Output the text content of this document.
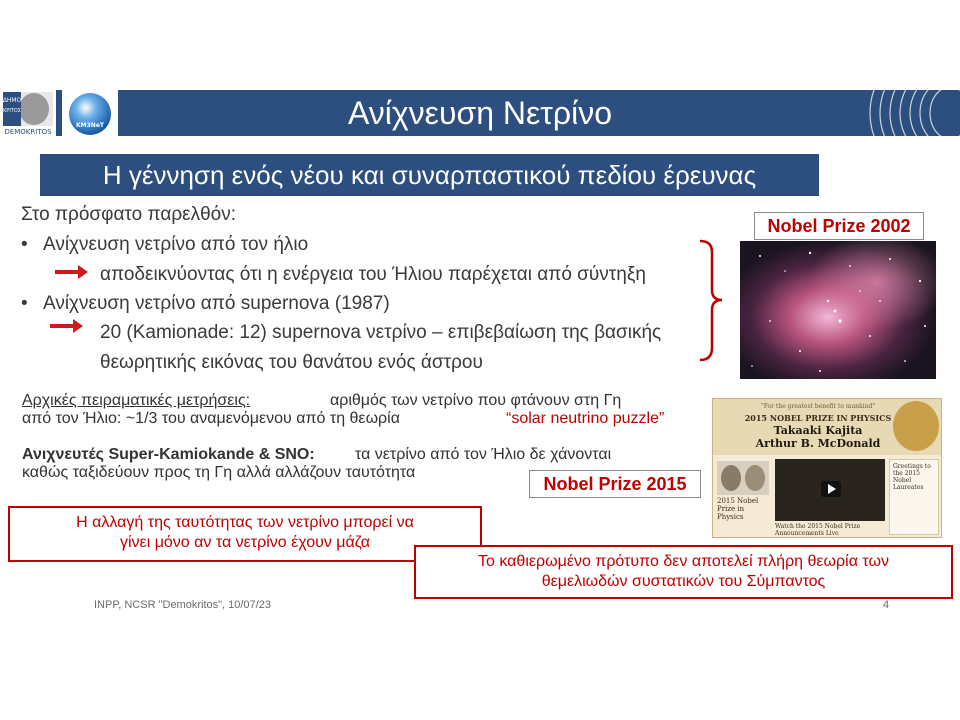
Ανίχνευση Νετρίνο
ΔΗΜΟ
ΚΡΙΤΟΣ
DEMOKRITOS
KM3NeT
Η γέννηση ενός νέου και συναρπαστικού πεδίου έρευνας
Στο πρόσφατο παρελθόν:
• Ανίχνευση νετρίνο από τον ήλιο
αποδεικνύοντας ότι η ενέργεια του Ήλιου παρέχεται από σύντηξη
• Ανίχνευση νετρίνο από supernova (1987)
20 (Kamionade: 12) supernova νετρίνο – επιβεβαίωση της βασικής
θεωρητικής εικόνας του θανάτου ενός άστρου
Nobel Prize 2002
Αρχικές πειραματικές μετρήσεις:	αριθμός των νετρίνο που φτάνουν στη Γη
από τον Ήλιο: ~1/3 του αναμενόμενου από τη θεωρία	“solar neutrino puzzle”
Ανιχνευτές Super-Kamiokande & SNO:	τα νετρίνο από τον Ήλιο δε χάνονται
καθώς ταξιδεύουν προς τη Γη αλλά αλλάζουν ταυτότητα
Nobel Prize 2015
"For the greatest benefit to mankind"
2015 NOBEL PRIZE IN PHYSICS
Takaaki Kajita
Arthur B. McDonald
2015 Nobel Prize in Physics
Watch the 2015 Nobel Prize Announcements Live
Greetings to the 2015 Nobel Laureates
Η αλλαγή της ταυτότητας των νετρίνο μπορεί να
γίνει μόνο αν τα νετρίνο έχουν μάζα
Το καθιερωμένο πρότυπο δεν αποτελεί πλήρη θεωρία των
θεμελιωδών συστατικών του Σύμπαντος
INPP, NCSR "Demokritos", 10/07/23	4
